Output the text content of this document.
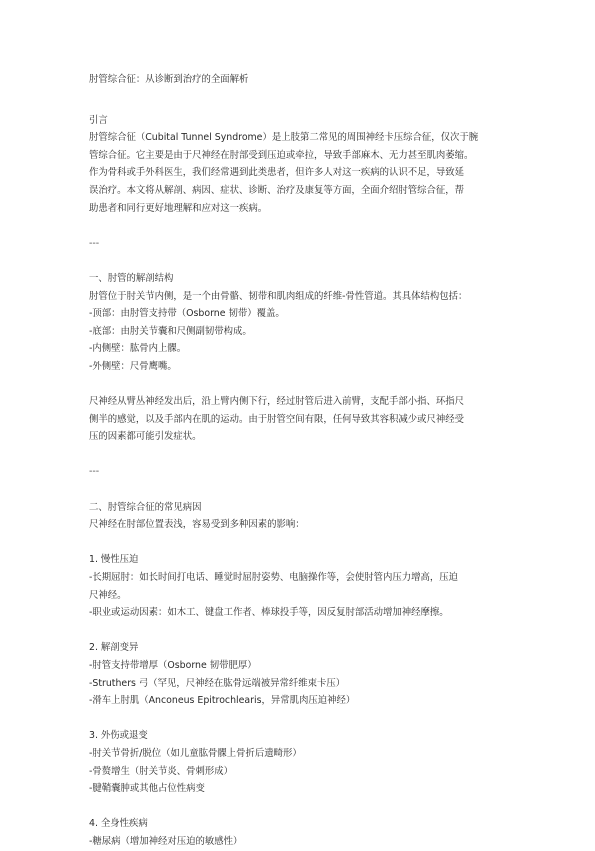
肘管综合征：从诊断到治疗的全面解析
引言
肘管综合征（Cubital Tunnel Syndrome）是上肢第二常见的周围神经卡压综合征，仅次于腕
管综合征。它主要是由于尺神经在肘部受到压迫或牵拉，导致手部麻木、无力甚至肌肉萎缩。
作为骨科或手外科医生，我们经常遇到此类患者，但许多人对这一疾病的认识不足，导致延
误治疗。本文将从解剖、病因、症状、诊断、治疗及康复等方面，全面介绍肘管综合征，帮
助患者和同行更好地理解和应对这一疾病。
---
一、肘管的解剖结构
肘管位于肘关节内侧，是一个由骨骼、韧带和肌肉组成的纤维-骨性管道。其具体结构包括：
-顶部：由肘管支持带（Osborne 韧带）覆盖。
-底部：由肘关节囊和尺侧副韧带构成。
-内侧壁：肱骨内上髁。
-外侧壁：尺骨鹰嘴。
尺神经从臂丛神经发出后，沿上臂内侧下行，经过肘管后进入前臂，支配手部小指、环指尺
侧半的感觉，以及手部内在肌的运动。由于肘管空间有限，任何导致其容积减少或尺神经受
压的因素都可能引发症状。
---
二、肘管综合征的常见病因
尺神经在肘部位置表浅，容易受到多种因素的影响：
1. 慢性压迫
-长期屈肘：如长时间打电话、睡觉时屈肘姿势、电脑操作等，会使肘管内压力增高，压迫
尺神经。
-职业或运动因素：如木工、键盘工作者、棒球投手等，因反复肘部活动增加神经摩擦。
2. 解剖变异
-肘管支持带增厚（Osborne 韧带肥厚）
-Struthers 弓（罕见，尺神经在肱骨远端被异常纤维束卡压）
-滑车上肘肌（Anconeus Epitrochlearis，异常肌肉压迫神经）
3. 外伤或退变
-肘关节骨折/脱位（如儿童肱骨髁上骨折后遗畸形）
-骨赘增生（肘关节炎、骨刺形成）
-腱鞘囊肿或其他占位性病变
4. 全身性疾病
-糖尿病（增加神经对压迫的敏感性）
